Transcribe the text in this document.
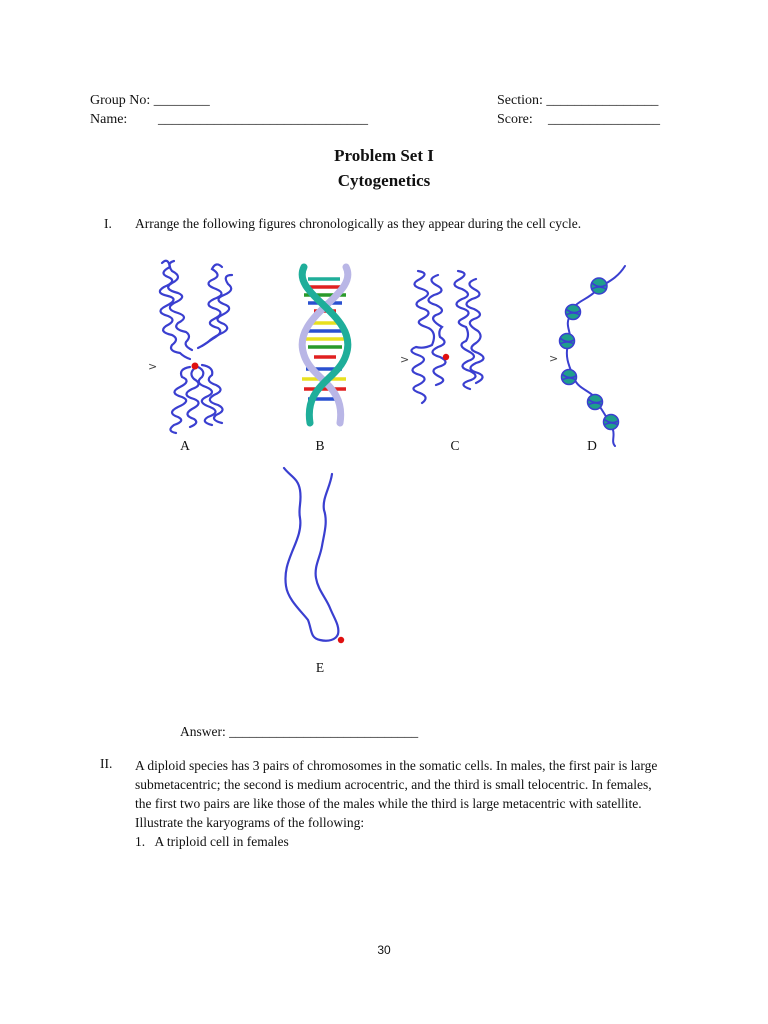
Group No: ________
Name: ______________________________
Section: ________________
Score: ________________
Problem Set I
Cytogenetics
I. Arrange the following figures chronologically as they appear during the cell cycle.
>
A	B
>
C
>
D
E
Answer: ____________________________
II. A diploid species has 3 pairs of chromosomes in the somatic cells. In males, the first pair is large
submetacentric; the second is medium acrocentric, and the third is small telocentric. In females,
the first two pairs are like those of the males while the third is large metacentric with satellite.
Illustrate the karyograms of the following:
1.   A triploid cell in females
30
